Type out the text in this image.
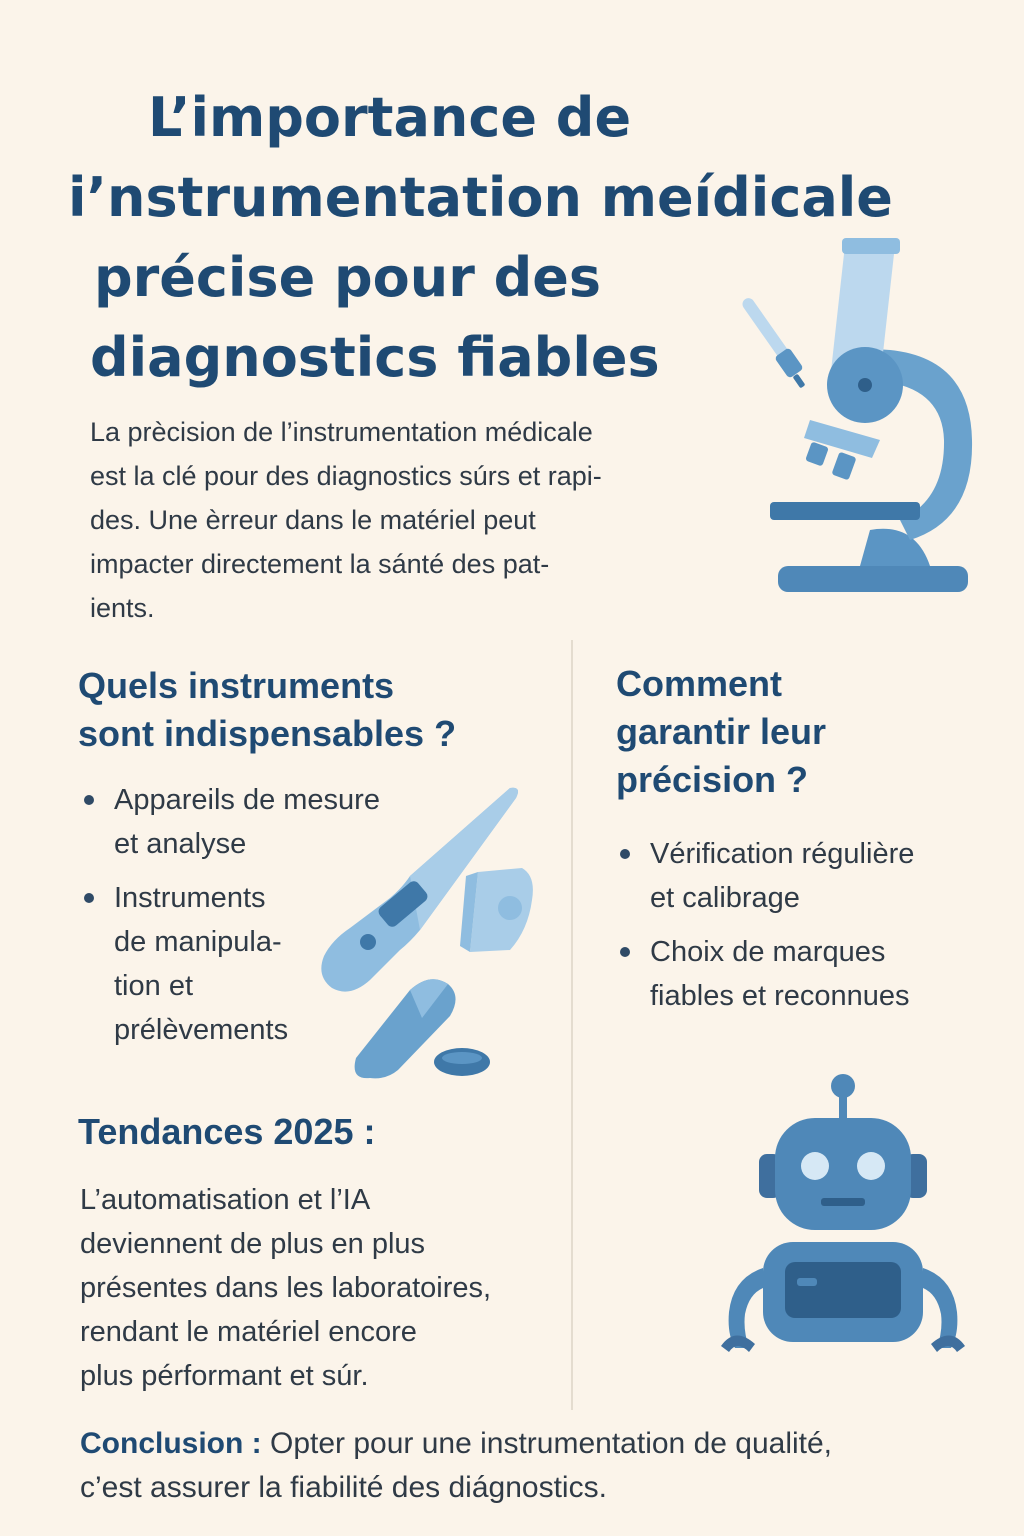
L’importance de
i’nstrumentation meídicale
précise pour des
diagnostics fiables
La prècision de l’instrumentation médicale
est la clé pour des diagnostics súrs et rapi-
des. Une èrreur dans le matériel peut
impacter directement la sánté des pat-
ients.
Quels instruments
sont indispensables ?
Appareils de mesure
et analyse
Instruments
de manipula-
tion et
prélèvements
Comment
garantir leur
précision ?
Vérification régulière
et calibrage
Choix de marques
fiables et reconnues
Tendances 2025 :
L’automatisation et l’IA
deviennent de plus en plus
présentes dans les laboratoires,
rendant le matériel encore
plus pérformant et súr.
Conclusion : Opter pour une instrumentation de qualité,
c’est assurer la fiabilité des diágnostics.
